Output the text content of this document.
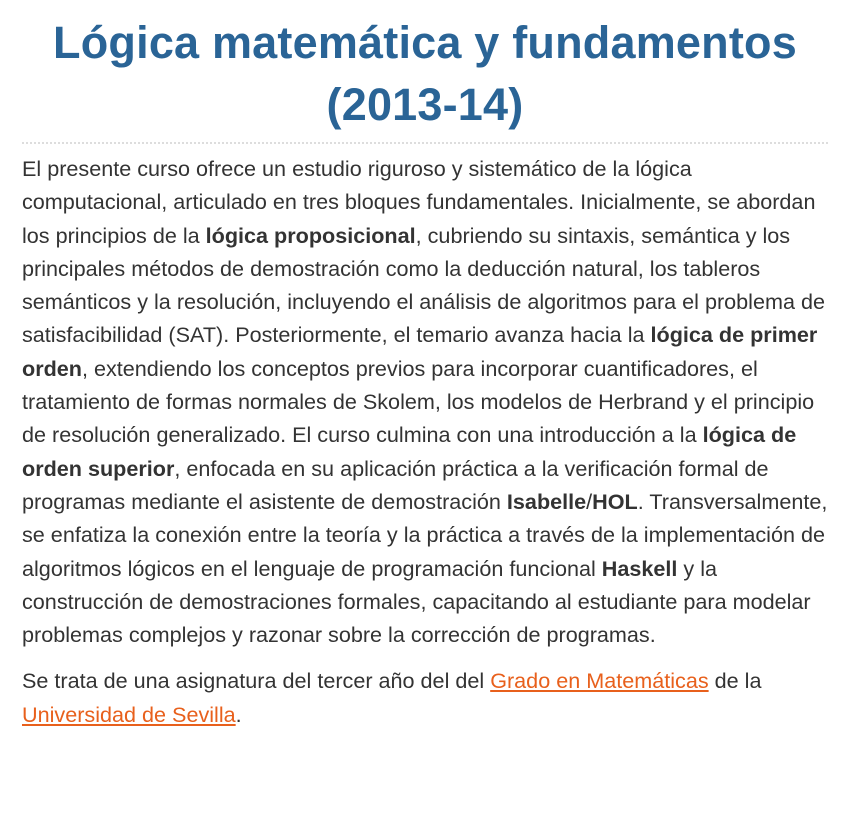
Lógica matemática y fundamentos
(2013-14)

El presente curso ofrece un estudio riguroso y sistemático de la lógica computacional, articulado en tres bloques fundamentales. Inicialmente, se abordan los principios de la lógica proposicional, cubriendo su sintaxis, semántica y los principales métodos de demostración como la deducción natural, los tableros semánticos y la resolución, incluyendo el análisis de algoritmos para el problema de satisfacibilidad (SAT). Posteriormente, el temario avanza hacia la lógica de primer orden, extendiendo los conceptos previos para incorporar cuantificadores, el tratamiento de formas normales de Skolem, los modelos de Herbrand y el principio de resolución generalizado. El curso culmina con una introducción a la lógica de orden superior, enfocada en su aplicación práctica a la verificación formal de programas mediante el asistente de demostración Isabelle/HOL. Transversalmente, se enfatiza la conexión entre la teoría y la práctica a través de la implementación de algoritmos lógicos en el lenguaje de programación funcional Haskell y la construcción de demostraciones formales, capacitando al estudiante para modelar problemas complejos y razonar sobre la corrección de programas.

Se trata de una asignatura del tercer año del del Grado en Matemáticas de la Universidad de Sevilla.
